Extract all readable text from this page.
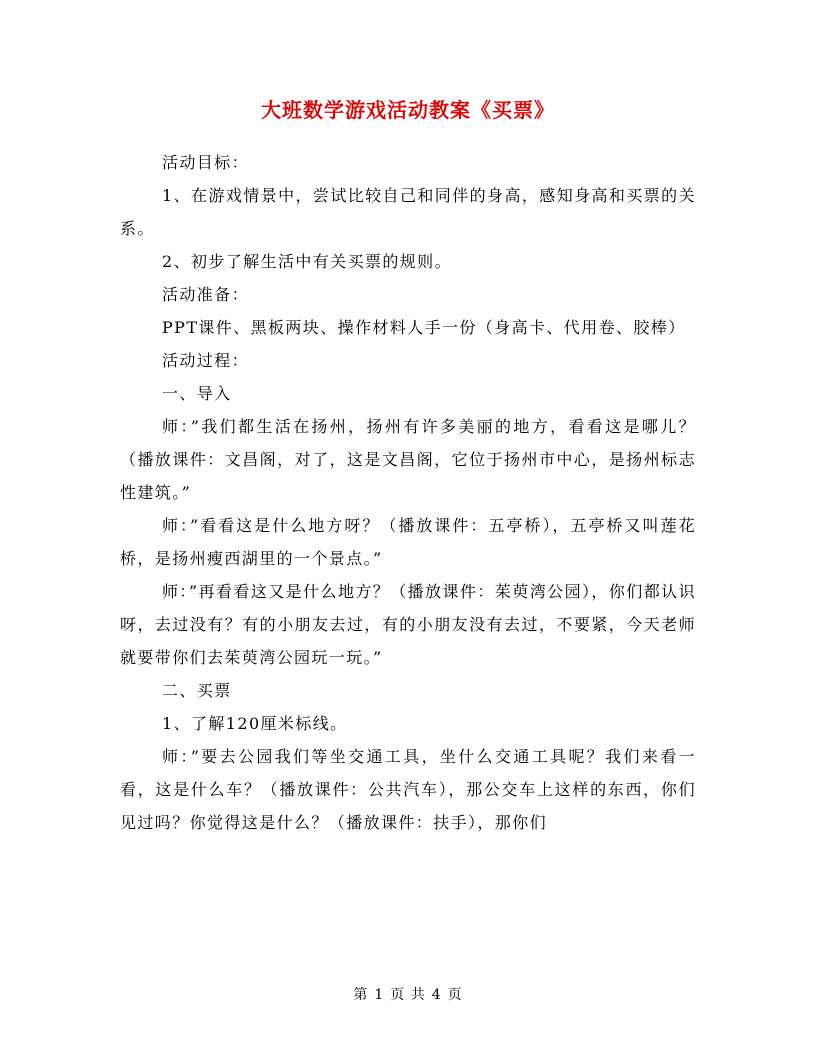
大班数学游戏活动教案《买票》

活动目标：

1、在游戏情景中，尝试比较自己和同伴的身高，感知身高和买票的关系。

2、初步了解生活中有关买票的规则。

活动准备：

PPT课件、黑板两块、操作材料人手一份（身高卡、代用卷、胶棒）

活动过程：

一、导入

师：”我们都生活在扬州，扬州有许多美丽的地方，看看这是哪儿？（播放课件：文昌阁，对了，这是文昌阁，它位于扬州市中心，是扬州标志性建筑。”

师：”看看这是什么地方呀？（播放课件：五亭桥），五亭桥又叫莲花桥，是扬州瘦西湖里的一个景点。”

师：”再看看这又是什么地方？（播放课件：茱萸湾公园），你们都认识呀，去过没有？有的小朋友去过，有的小朋友没有去过，不要紧，今天老师就要带你们去茱萸湾公园玩一玩。”

二、买票

1、了解120厘米标线。

师：”要去公园我们等坐交通工具，坐什么交通工具呢？我们来看一看，这是什么车？（播放课件：公共汽车），那公交车上这样的东西，你们见过吗？你觉得这是什么？（播放课件：扶手），那你们

第 1 页 共 4 页
